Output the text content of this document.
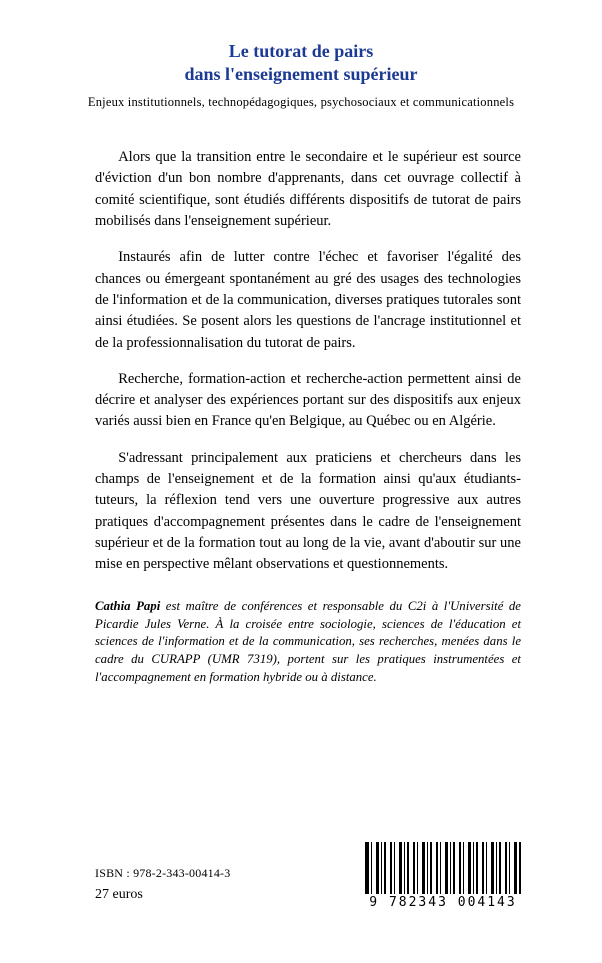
Le tutorat de pairs
dans l'enseignement supérieur
Enjeux institutionnels, technopédagogiques, psychosociaux et communicationnels

Alors que la transition entre le secondaire et le supérieur est source d'éviction d'un bon nombre d'apprenants, dans cet ouvrage collectif à comité scientifique, sont étudiés différents dispositifs de tutorat de pairs mobilisés dans l'enseignement supérieur.

Instaurés afin de lutter contre l'échec et favoriser l'égalité des chances ou émergeant spontanément au gré des usages des technologies de l'information et de la communication, diverses pratiques tutorales sont ainsi étudiées. Se posent alors les questions de l'ancrage institutionnel et de la professionnalisation du tutorat de pairs.

Recherche, formation-action et recherche-action permettent ainsi de décrire et analyser des expériences portant sur des dispositifs aux enjeux variés aussi bien en France qu'en Belgique, au Québec ou en Algérie.

S'adressant principalement aux praticiens et chercheurs dans les champs de l'enseignement et de la formation ainsi qu'aux étudiants-tuteurs, la réflexion tend vers une ouverture progressive aux autres pratiques d'accompagnement présentes dans le cadre de l'enseignement supérieur et de la formation tout au long de la vie, avant d'aboutir sur une mise en perspective mêlant observations et questionnements.

Cathia Papi est maître de conférences et responsable du C2i à l'Université de Picardie Jules Verne. À la croisée entre sociologie, sciences de l'éducation et sciences de l'information et de la communication, ses recherches, menées dans le cadre du CURAPP (UMR 7319), portent sur les pratiques instrumentées et l'accompagnement en formation hybride ou à distance.
ISBN : 978-2-343-00414-3
27 euros
9 782343 004143
